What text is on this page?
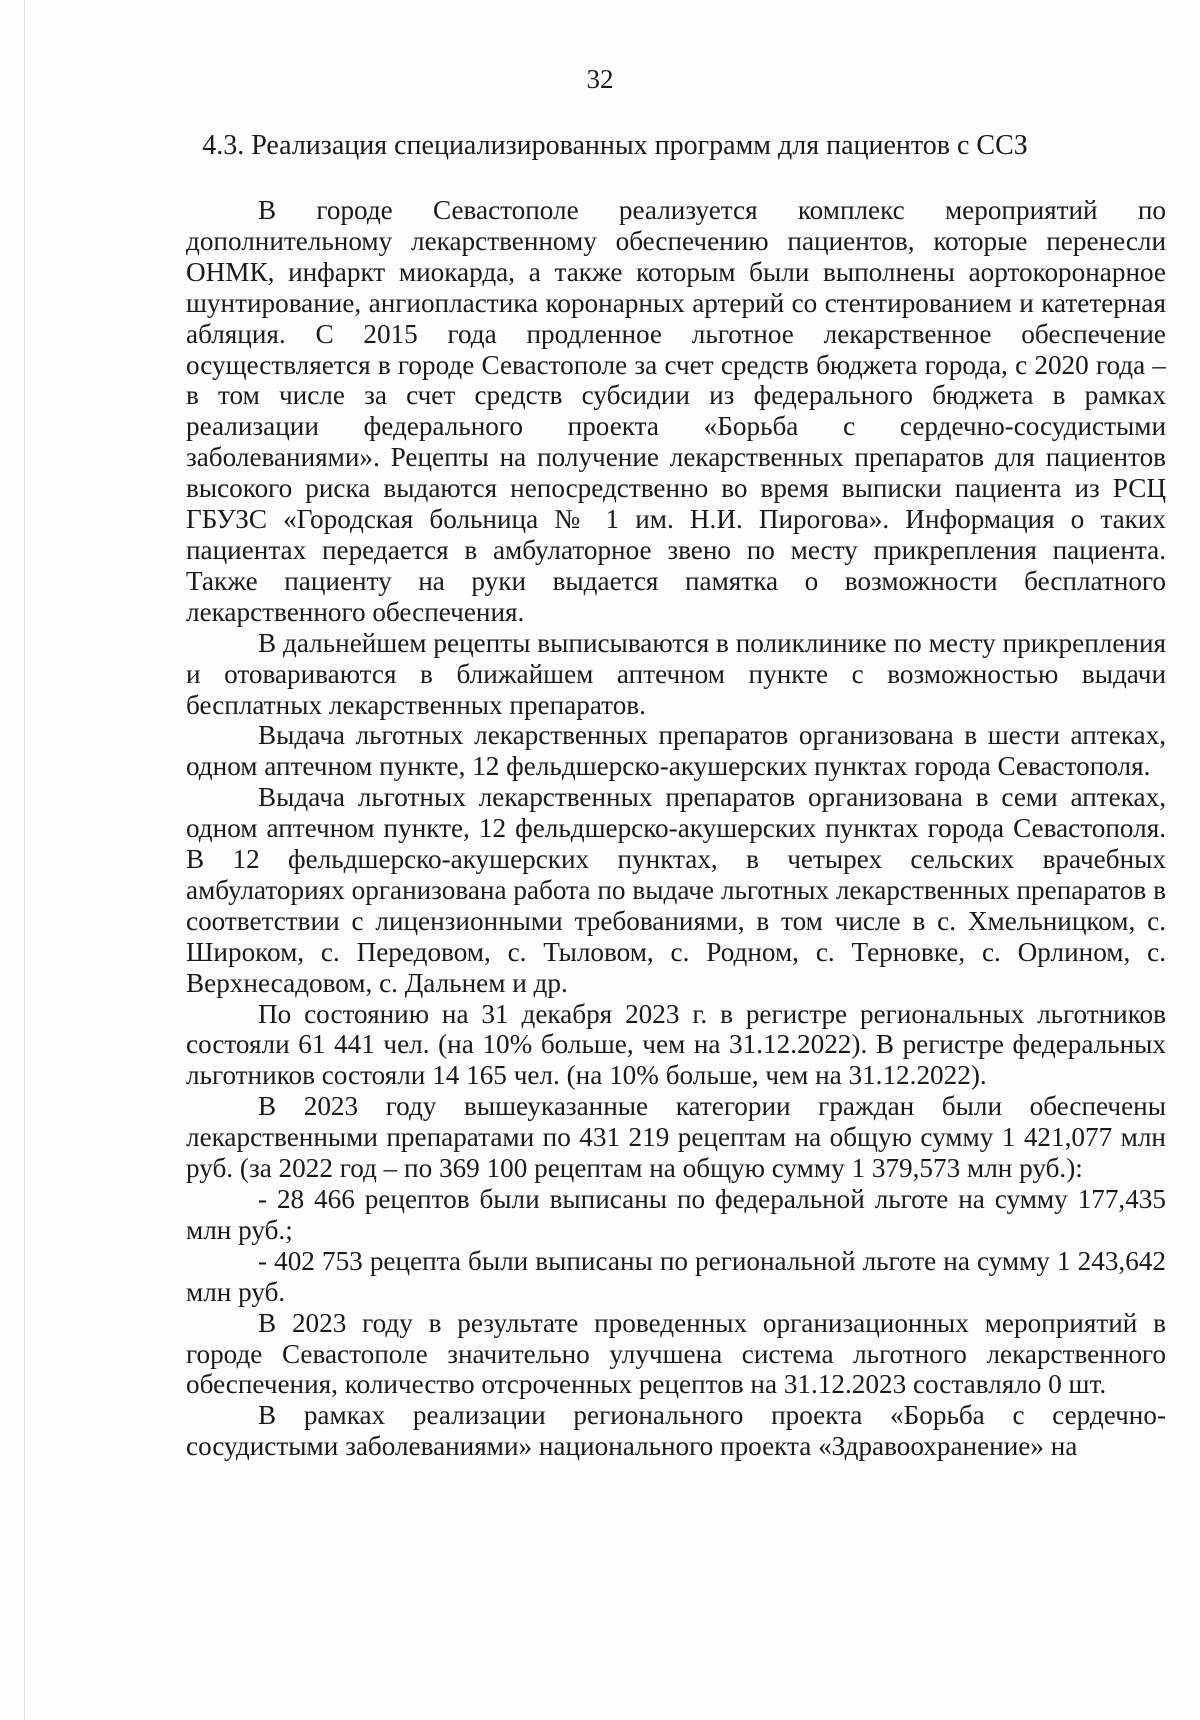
32
4.3. Реализация специализированных программ для пациентов с ССЗ

В городе Севастополе реализуется комплекс мероприятий по дополнительному лекарственному обеспечению пациентов, которые перенесли ОНМК, инфаркт миокарда, а также которым были выполнены аортокоронарное шунтирование, ангиопластика коронарных артерий со стентированием и катетерная абляция. С 2015 года продленное льготное лекарственное обеспечение осуществляется в городе Севастополе за счет средств бюджета города, с 2020 года – в том числе за счет средств субсидии из федерального бюджета в рамках реализации федерального проекта «Борьба с сердечно-сосудистыми заболеваниями». Рецепты на получение лекарственных препаратов для пациентов высокого риска выдаются непосредственно во время выписки пациента из РСЦ ГБУЗС «Городская больница № 1 им. Н.И. Пирогова». Информация о таких пациентах передается в амбулаторное звено по месту прикрепления пациента. Также пациенту на руки выдается памятка о возможности бесплатного лекарственного обеспечения.

В дальнейшем рецепты выписываются в поликлинике по месту прикрепления и отовариваются в ближайшем аптечном пункте с возможностью выдачи бесплатных лекарственных препаратов.

Выдача льготных лекарственных препаратов организована в шести аптеках, одном аптечном пункте, 12 фельдшерско-акушерских пунктах города Севастополя.

Выдача льготных лекарственных препаратов организована в семи аптеках, одном аптечном пункте, 12 фельдшерско-акушерских пунктах города Севастополя. В 12 фельдшерско-акушерских пунктах, в четырех сельских врачебных амбулаториях организована работа по выдаче льготных лекарственных препаратов в соответствии с лицензионными требованиями, в том числе в с. Хмельницком, с. Широком, с. Передовом, с. Тыловом, с. Родном, с. Терновке, с. Орлином, с. Верхнесадовом, с. Дальнем и др.

По состоянию на 31 декабря 2023 г. в регистре региональных льготников состояли 61 441 чел. (на 10% больше, чем на 31.12.2022). В регистре федеральных льготников состояли 14 165 чел. (на 10% больше, чем на 31.12.2022).

В 2023 году вышеуказанные категории граждан были обеспечены лекарственными препаратами по 431 219 рецептам на общую сумму 1 421,077 млн руб. (за 2022 год – по 369 100 рецептам на общую сумму 1 379,573 млн руб.):

- 28 466 рецептов были выписаны по федеральной льготе на сумму 177,435 млн руб.;

- 402 753 рецепта были выписаны по региональной льготе на сумму 1 243,642 млн руб.

В 2023 году в результате проведенных организационных мероприятий в городе Севастополе значительно улучшена система льготного лекарственного обеспечения, количество отсроченных рецептов на 31.12.2023 составляло 0 шт.

В рамках реализации регионального проекта «Борьба с сердечно-сосудистыми заболеваниями» национального проекта «Здравоохранение» на
